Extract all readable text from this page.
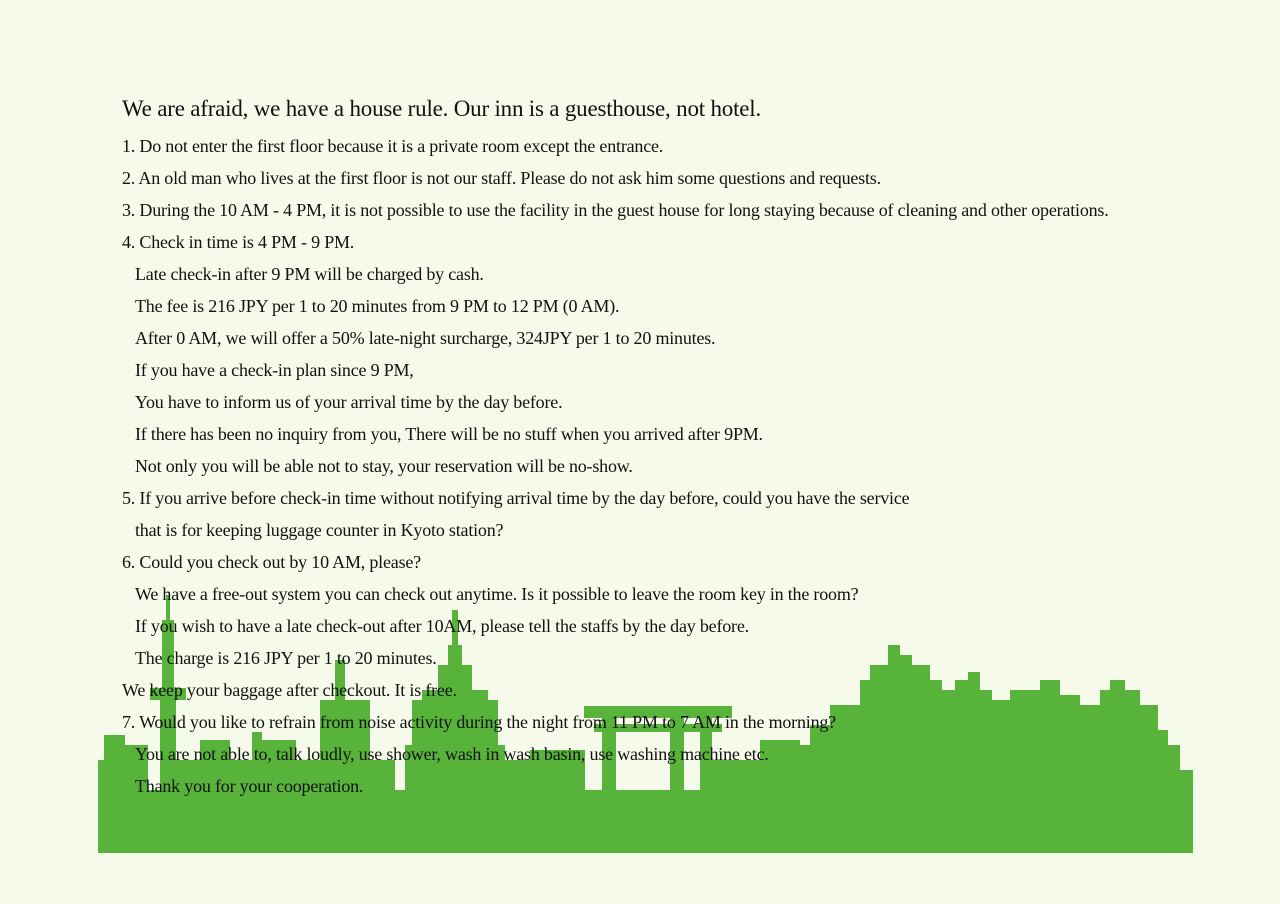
We are afraid, we have a house rule. Our inn is a guesthouse, not hotel.
1. Do not enter the first floor because it is a private room except the entrance.
2. An old man who lives at the first floor is not our staff. Please do not ask him some questions and requests.
3. During the 10 AM - 4 PM, it is not possible to use the facility in the guest house for long staying because of cleaning and other operations.
4. Check in time is 4 PM - 9 PM.
Late check-in after 9 PM will be charged by cash.
The fee is 216 JPY per 1 to 20 minutes from 9 PM to 12 PM (0 AM).
After 0 AM, we will offer a 50% late-night surcharge, 324JPY per 1 to 20 minutes.
If you have a check-in plan since 9 PM,
You have to inform us of your arrival time by the day before.
If there has been no inquiry from you, There will be no stuff when you arrived after 9PM.
Not only you will be able not to stay, your reservation will be no-show.
5. If you arrive before check-in time without notifying arrival time by the day before, could you have the service
that is for keeping luggage counter in Kyoto station?
6. Could you check out by 10 AM, please?
We have a free-out system you can check out anytime. Is it possible to leave the room key in the room?
If you wish to have a late check-out after 10AM, please tell the staffs by the day before.
The charge is 216 JPY per 1 to 20 minutes.
We keep your baggage after checkout. It is free.
7. Would you like to refrain from noise activity during the night from 11 PM to 7 AM in the morning?
You are not able to, talk loudly, use shower, wash in wash basin, use washing machine etc.
Thank you for your cooperation.
